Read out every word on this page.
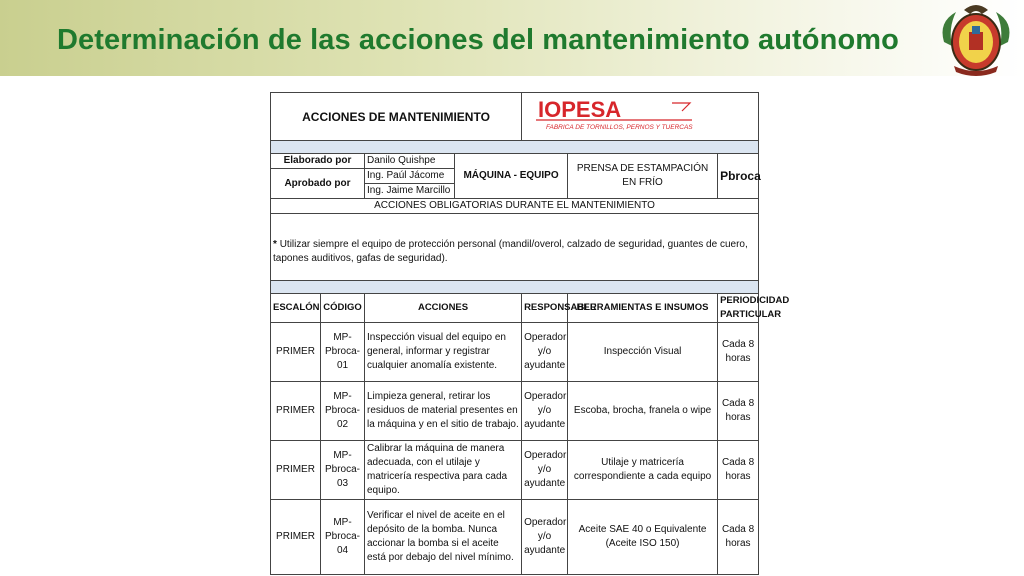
Determinación de las acciones del mantenimiento autónomo
ACCIONES DE MANTENIMIENTO				IOPESA
FABRICA DE TORNILLOS, PERNOS Y TUERCAS		

Elaborado por		Danilo Quishpe	MÁQUINA - EQUIPO		PRENSA DE ESTAMPACIÓN EN FRÍO	Pbroca
Aprobado por		Ing. Paúl Jácome				
		Ing. Jaime Marcillo				
ACCIONES OBLIGATORIAS DURANTE EL MANTENIMIENTO						
* Utilizar siempre el equipo de protección personal (mandil/overol, calzado de seguridad, guantes de cuero, tapones auditivos, gafas de seguridad).						

ESCALÓN	CÓDIGO	ACCIONES		RESPONSABLE	HERRAMIENTAS E INSUMOS	PERIODICIDAD PARTICULAR
PRIMER	MP-Pbroca-01	Inspección visual del equipo en general, informar y registrar cualquier anomalía existente.		Operador y/o ayudante	Inspección Visual	Cada 8 horas
PRIMER	MP-Pbroca-02	Limpieza general, retirar los residuos de material presentes en la máquina y en el sitio de trabajo.		Operador y/o ayudante	Escoba, brocha, franela o wipe	Cada 8 horas
PRIMER	MP-Pbroca-03	Calibrar la máquina de manera adecuada, con el utilaje y matricería respectiva para cada equipo.		Operador y/o ayudante	Utilaje y matricería correspondiente a cada equipo	Cada 8 horas
PRIMER	MP-Pbroca-04	Verificar el nivel de aceite en el depósito de la bomba. Nunca accionar la bomba si el aceite está por debajo del nivel mínimo.		Operador y/o ayudante	Aceite SAE 40 o Equivalente (Aceite ISO 150)	Cada 8 horas
